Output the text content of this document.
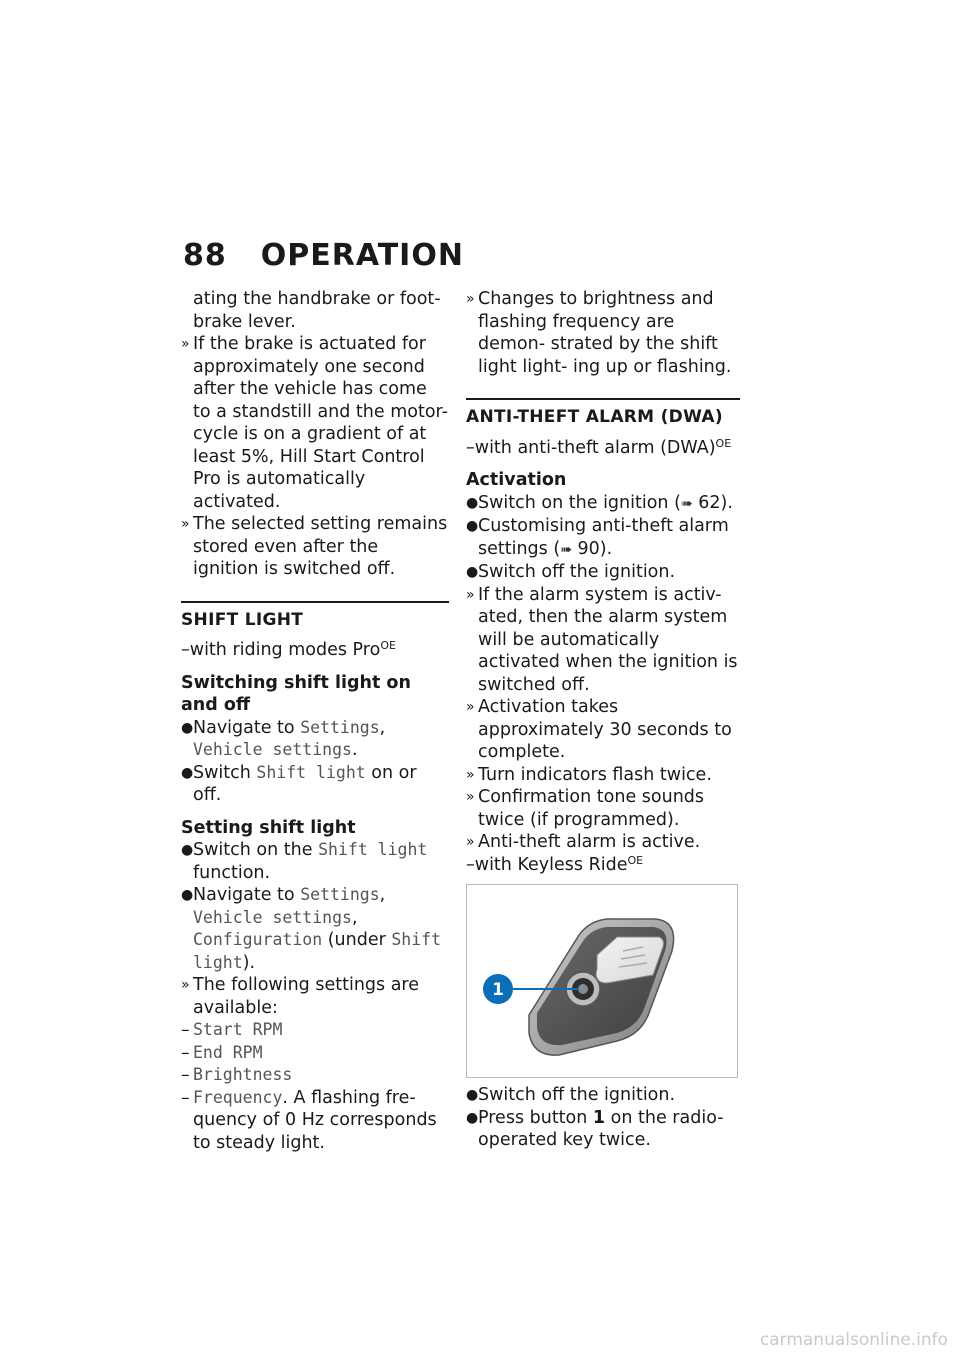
88 OPERATION
ating the handbrake or foot- brake lever.
» If the brake is actuated for approximately one second after the vehicle has come to a standstill and the motor- cycle is on a gradient of at least 5%, Hill Start Control Pro is automatically activated.
» The selected setting remains stored even after the ignition is switched off.
SHIFT LIGHT
–with riding modes Pro$^{OE}$
Switching shift light on and off
● Navigate to Settings, Vehicle settings.
● Switch Shift light on or off.
Setting shift light
● Switch on the Shift light function.
● Navigate to Settings, Vehicle settings, Configuration (under Shift light).
» The following settings are available:
– Start RPM
– End RPM
– Brightness
– Frequency. A flashing fre- quency of 0 Hz corresponds to steady light.
» Changes to brightness and flashing frequency are demon- strated by the shift light light- ing up or flashing.
ANTI-THEFT ALARM (DWA)
–with anti-theft alarm (DWA)$^{OE}$
Activation
● Switch on the ignition (➠ 62).
● Customising anti-theft alarm settings (➠ 90).
● Switch off the ignition.
» If the alarm system is activ- ated, then the alarm system will be automatically activated when the ignition is switched off.
» Activation takes approximately 30 seconds to complete.
» Turn indicators flash twice.
» Confirmation tone sounds twice (if programmed).
» Anti-theft alarm is active.
–with Keyless Ride$^{OE}$
1
● Switch off the ignition.
● Press button 1 on the radio- operated key twice.
carmanualsonline.info
